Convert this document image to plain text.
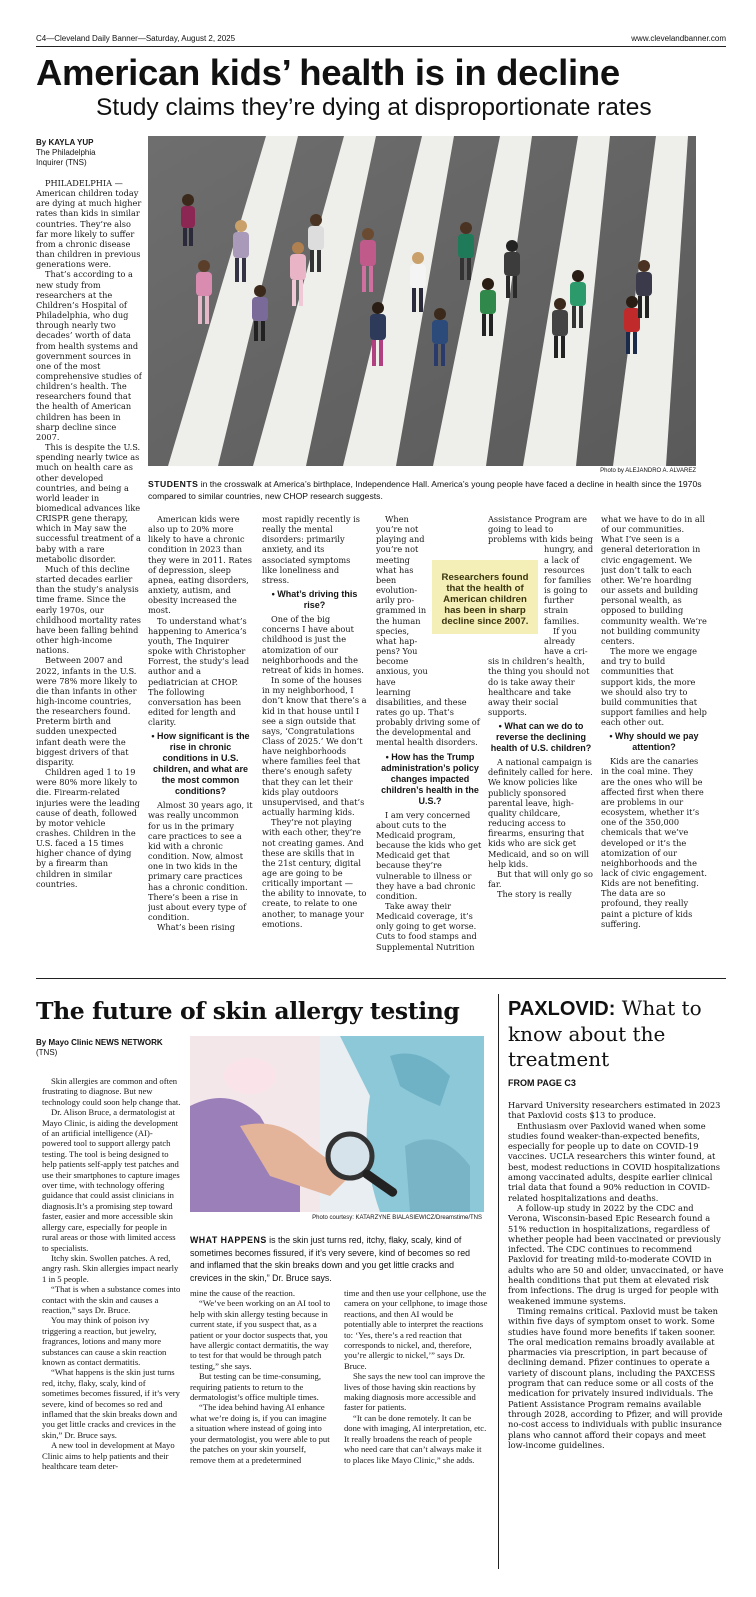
C4—Cleveland Daily Banner—Saturday, August 2, 2025	www.clevelandbanner.com
American kids’ health is in decline
Study claims they’re dying at disproportionate rates
By KAYLA YUP
The Philadelphia
Inquirer (TNS)

PHILADELPHIA — American children today are dying at much higher rates than kids in similar countries. They’re also far more likely to suffer from a chronic disease than children in previous generations were.

That’s according to a new study from researchers at the Children’s Hospital of Philadelphia, who dug through nearly two decades’ worth of data from health systems and government sources in one of the most comprehensive studies of children’s health. The researchers found that the health of American children has been in sharp decline since 2007.

This is despite the U.S. spending nearly twice as much on health care as other developed countries, and being a world leader in biomedical advances like CRISPR gene therapy, which in May saw the successful treatment of a baby with a rare metabolic disorder.

Much of this decline started decades earlier than the study’s analysis time frame. Since the early 1970s, our childhood mortality rates have been falling behind other high-income nations.

Between 2007 and 2022, infants in the U.S. were 78% more likely to die than infants in other high-income countries, the researchers found. Preterm birth and sudden unexpected infant death were the biggest drivers of that disparity.

Children aged 1 to 19 were 80% more likely to die. Firearm-related injuries were the leading cause of death, followed by motor vehicle crashes. Children in the U.S. faced a 15 times higher chance of dying by a firearm than children in similar countries.

Photo by ALEJANDRO A. ALVAREZ
STUDENTS in the crosswalk at America’s birthplace, Independence Hall. America’s young people have faced a decline in health since the 1970s compared to similar countries, new CHOP research suggests.

American kids were also up to 20% more likely to have a chronic condition in 2023 than they were in 2011. Rates of depression, sleep apnea, eating disorders, anxiety, autism, and obesity increased the most.

To understand what’s happening to America’s youth, The Inquirer spoke with Christopher Forrest, the study’s lead author and a pediatrician at CHOP. The following conversation has been edited for length and clarity.

• How significant is the rise in chronic conditions in U.S. children, and what are the most common conditions?

Almost 30 years ago, it was really uncommon for us in the primary care practices to see a kid with a chronic condition. Now, almost one in two kids in the primary care practices has a chronic condition. There’s been a rise in just about every type of condition.

What’s been rising

most rapidly recently is really the mental disorders: primarily anxiety, and its associated symptoms like loneliness and stress.

• What’s driving this rise?

One of the big concerns I have about childhood is just the atomization of our neighborhoods and the retreat of kids in homes.

In some of the houses in my neighborhood, I don’t know that there’s a kid in that house until I see a sign outside that says, ‘Congratulations Class of 2025.’ We don’t have neighborhoods where families feel that there’s enough safety that they can let their kids play outdoors unsupervised, and that’s actually harming kids.

They’re not playing with each other, they’re not creating games. And these are skills that in the 21st century, digital age are going to be critically important — the ability to innovate, to create, to relate to one another, to manage your emotions.

When you’re not playing and you’re not meeting what has been evolution- arily pro- grammed in the human species, what hap- pens? You become anxious, you have learning

disabilities, and these rates go up. That’s probably driving some of the developmental and mental health disorders.

• How has the Trump administration’s policy changes impacted children’s health in the U.S.?

I am very concerned about cuts to the Medicaid program, because the kids who get Medicaid get that because they’re vulnerable to illness or they have a bad chronic condition.

Take away their Medicaid coverage, it’s only going to get worse. Cuts to food stamps and Supplemental Nutrition

Researchers found that the health of American children has been in sharp decline since 2007.
Assistance Program are going to lead to problems with kids being
hungry, and a lack of resources for families is going to further strain families.
If you already have a cri-
sis in children’s health, the thing you should not do is take away their healthcare and take away their social supports.
• What can we do to reverse the declining health of U.S. children?

A national campaign is definitely called for here. We know policies like publicly sponsored parental leave, high-quality childcare, reducing access to firearms, ensuring that kids who are sick get Medicaid, and so on will help kids.

But that will only go so far.

The story is really

what we have to do in all of our communities. What I’ve seen is a general deterioration in civic engagement. We just don’t talk to each other. We’re hoarding our assets and building personal wealth, as opposed to building community wealth. We’re not building community centers.

The more we engage and try to build communities that support kids, the more we should also try to build communities that support families and help each other out.

• Why should we pay attention?

Kids are the canaries in the coal mine. They are the ones who will be affected first when there are problems in our ecosystem, whether it’s one of the 350,000 chemicals that we’ve developed or it’s the atomization of our neighborhoods and the lack of civic engagement. Kids are not benefiting. The data are so profound, they really paint a picture of kids suffering.

The future of skin allergy testing
By Mayo Clinic NEWS NETWORK
(TNS)

Skin allergies are common and often frustrating to diagnose. But new technology could soon help change that.

Dr. Alison Bruce, a dermatologist at Mayo Clinic, is aiding the development of an artificial intelligence (AI)-powered tool to support allergy patch testing. The tool is being designed to help patients self-apply test patches and use their smartphones to capture images over time, with technology offering guidance that could assist clinicians in diagnosis.It’s a promising step toward faster, easier and more accessible skin allergy care, especially for people in rural areas or those with limited access to specialists.

Itchy skin. Swollen patches. A red, angry rash. Skin allergies impact nearly 1 in 5 people.

“That is when a substance comes into contact with the skin and causes a reaction,” says Dr. Bruce.

You may think of poison ivy triggering a reaction, but jewelry, fragrances, lotions and many more substances can cause a skin reaction known as contact dermatitis.

“What happens is the skin just turns red, itchy, flaky, scaly, kind of sometimes becomes fissured, if it’s very severe, kind of becomes so red and inflamed that the skin breaks down and you get little cracks and crevices in the skin,” Dr. Bruce says.

A new tool in development at Mayo Clinic aims to help patients and their healthcare team deter-

Photo courtesy: KATARZYNE BIALASIEWICZ/Dreamstime/TNS
WHAT HAPPENS is the skin just turns red, itchy, flaky, scaly, kind of sometimes becomes fissured, if it’s very severe, kind of becomes so red and inflamed that the skin breaks down and you get little cracks and crevices in the skin,” Dr. Bruce says.

mine the cause of the reaction.

“We’ve been working on an AI tool to help with skin allergy testing because in current state, if you suspect that, as a patient or your doctor suspects that, you have allergic contact dermatitis, the way to test for that would be through patch testing,” she says.

But testing can be time-consuming, requiring patients to return to the dermatologist’s office multiple times.

“The idea behind having AI enhance what we’re doing is, if you can imagine a situation where instead of going into your dermatologist, you were able to put the patches on your skin yourself, remove them at a predetermined

time and then use your cellphone, use the camera on your cellphone, to image those reactions, and then AI would be potentially able to interpret the reactions to: ‘Yes, there’s a red reaction that corresponds to nickel, and, therefore, you’re allergic to nickel,’” says Dr. Bruce.

She says the new tool can improve the lives of those having skin reactions by making diagnosis more accessible and faster for patients.

“It can be done remotely. It can be done with imaging, AI interpretation, etc. It really broadens the reach of people who need care that can’t always make it to places like Mayo Clinic,” she adds.

PAXLOVID: What to know about the treatment
FROM PAGE C3

Harvard University researchers estimated in 2023 that Paxlovid costs $13 to produce.

Enthusiasm over Paxlovid waned when some studies found weaker-than-expected benefits, especially for people up to date on COVID-19 vaccines. UCLA researchers this winter found, at best, modest reductions in COVID hospitalizations among vaccinated adults, despite earlier clinical trial data that found a 90% reduction in COVID-related hospitalizations and deaths.

A follow-up study in 2022 by the CDC and Verona, Wisconsin-based Epic Research found a 51% reduction in hospitalizations, regardless of whether people had been vaccinated or previously infected. The CDC continues to recommend Paxlovid for treating mild-to-moderate COVID in adults who are 50 and older, unvaccinated, or have health conditions that put them at elevated risk from infections. The drug is urged for people with weakened immune systems.

Timing remains critical. Paxlovid must be taken within five days of symptom onset to work. Some studies have found more benefits if taken sooner. The oral medication remains broadly available at pharmacies via prescription, in part because of declining demand. Pfizer continues to operate a variety of discount plans, including the PAXCESS program that can reduce some or all costs of the medication for privately insured individuals. The Patient Assistance Program remains available through 2028, according to Pfizer, and will provide no-cost access to individuals with public insurance plans who cannot afford their copays and meet low-income guidelines.
